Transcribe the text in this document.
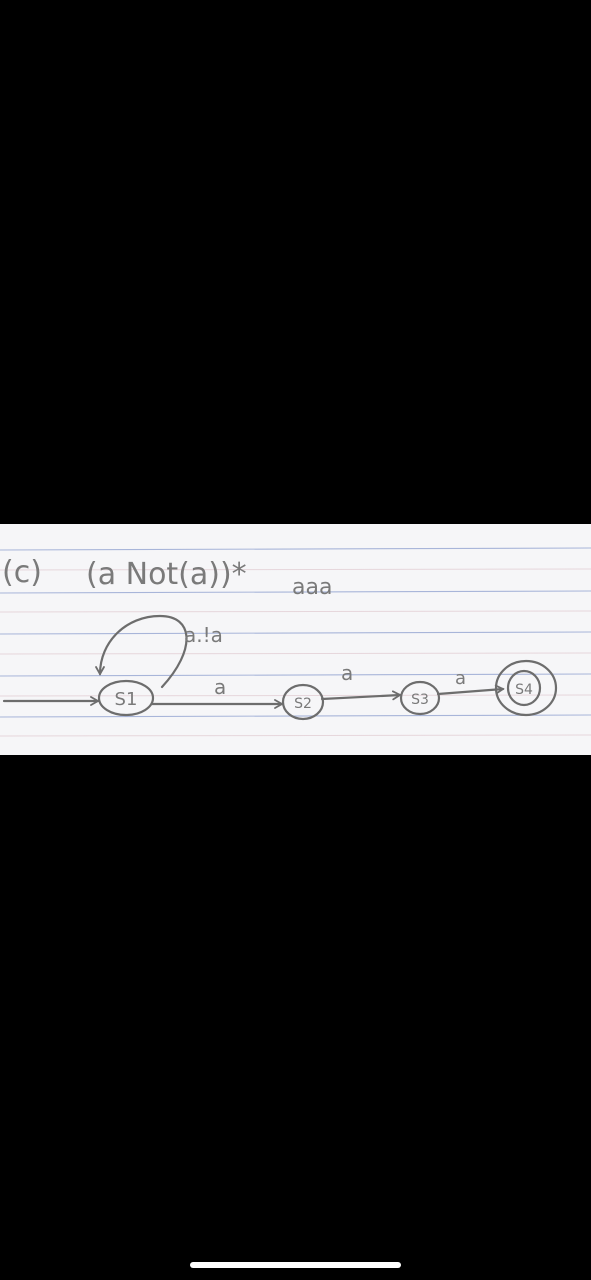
(c) (a Not(a))* aaa
a.!a
a
a	a
S1	S2	S3
S4
